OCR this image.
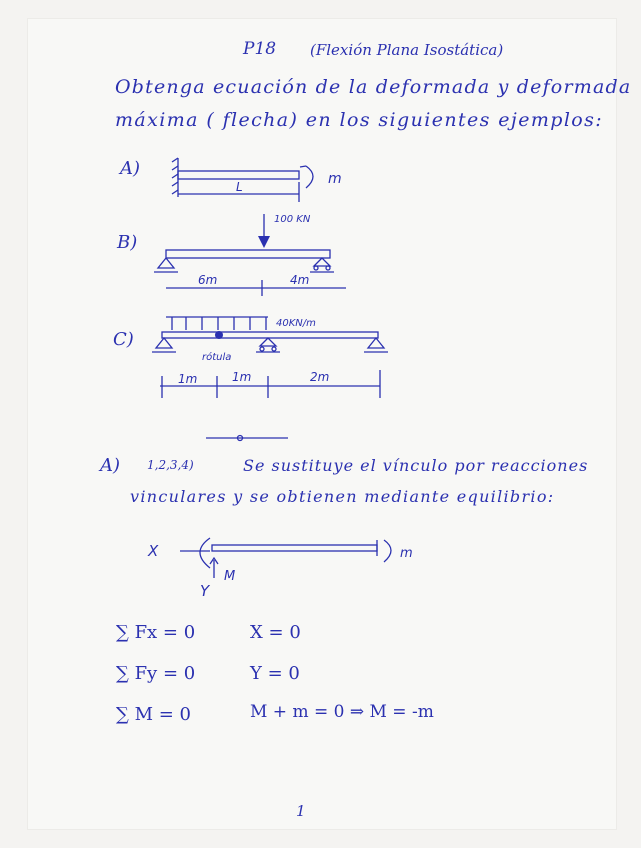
P18 (Flexión Plana Isostática)
Obtenga ecuación de la deformada y deformada
máxima ( flecha) en los siguientes ejemplos:
A)
B)
C)
L	m
100 KN
6m	4m
40KN/m
rótula
1m	1m	2m
X
Y
M
m
A) 1,2,3,4)	Se sustituye el vínculo por reacciones
vinculares y se obtienen mediante equilibrio:
∑ Fx = 0	X = 0
∑ Fy = 0	Y = 0
∑ M = 0	M + m = 0 ⇒ M = -m
1
